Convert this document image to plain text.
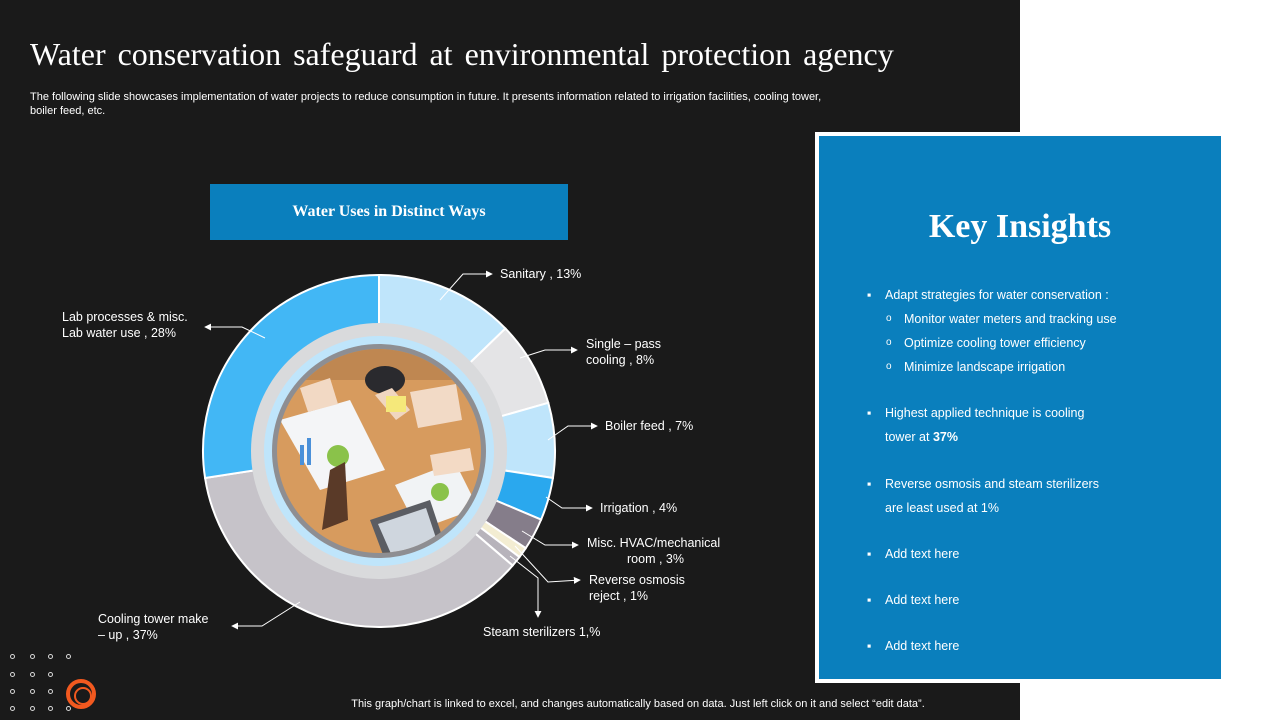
Water conservation safeguard at environmental protection agency
The following slide showcases implementation of water projects to reduce consumption in future. It presents information related to irrigation facilities, cooling tower, boiler feed, etc.
Water Uses in Distinct Ways
Sanitary , 13%
Single – pass
cooling , 8%
Boiler feed , 7%
Irrigation , 4%
Misc. HVAC/mechanical
room , 3%
Reverse osmosis
reject , 1%
Steam sterilizers 1,%
Cooling tower make
– up , 37%
Lab processes & misc.
Lab water use , 28%
Key Insights
▪ Adapt strategies for water conservation :
o Monitor water meters and tracking use
o Optimize cooling tower efficiency
o Minimize landscape irrigation
▪ Highest applied technique is cooling
tower at 37%
▪ Reverse osmosis and steam sterilizers
are least used at 1%
▪ Add text here
▪ Add text here
▪ Add text here
This graph/chart is linked to excel, and changes automatically based on data. Just left click on it and select “edit data”.
